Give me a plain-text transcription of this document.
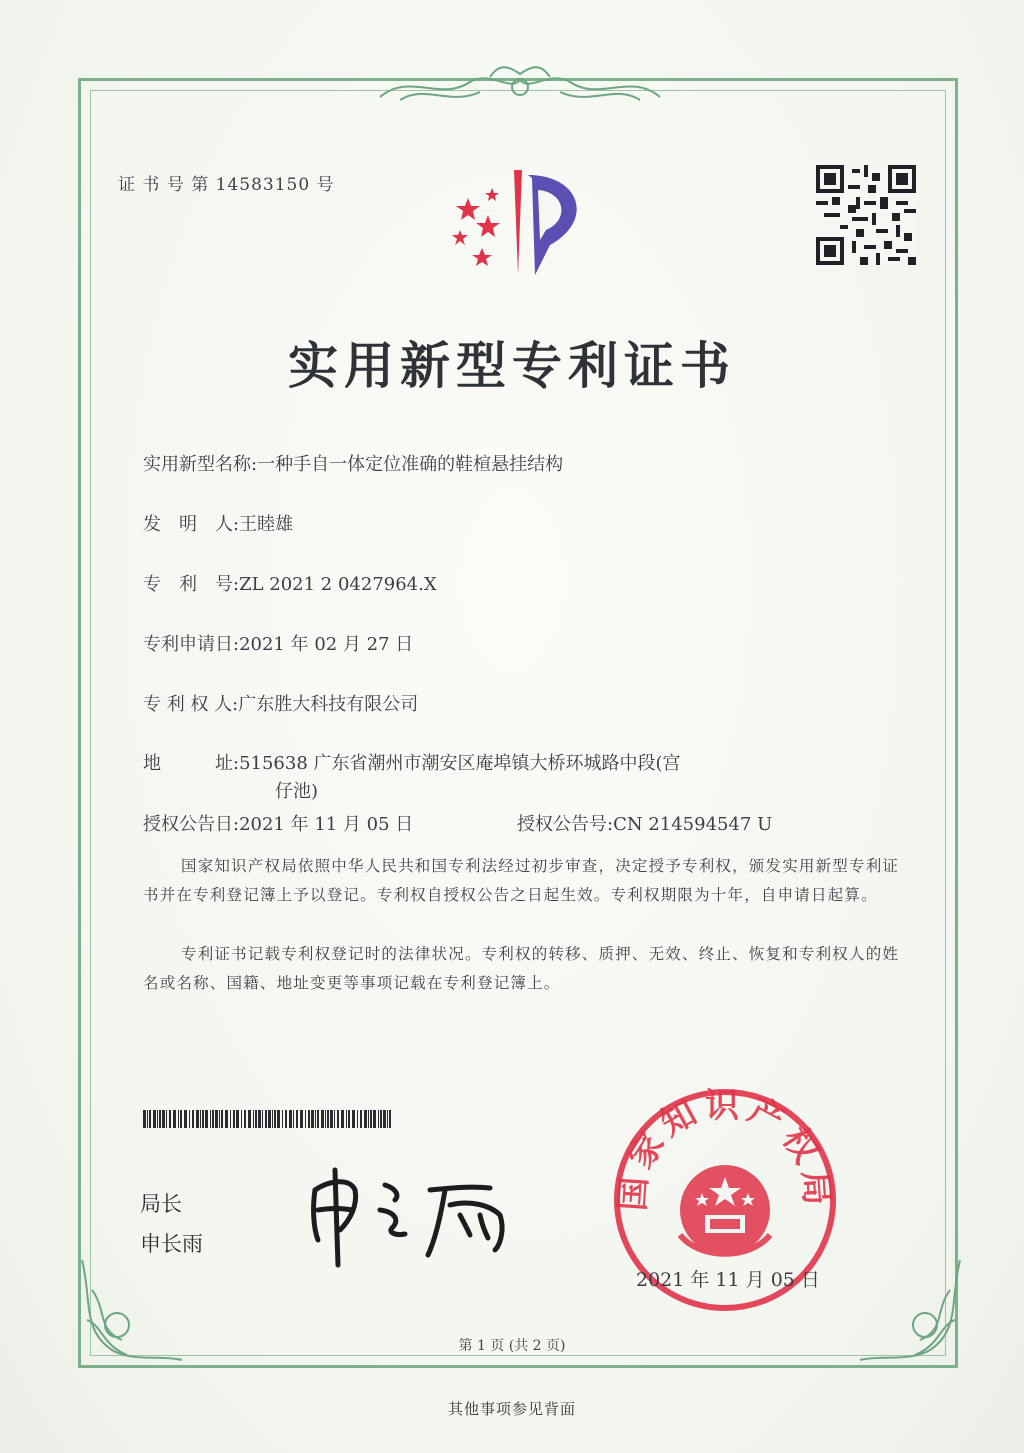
证 书 号 第 14583150 号
实用新型专利证书
实用新型名称:一种手自一体定位准确的鞋楦悬挂结构
发　明　人:王睦雄
专　利　号:ZL 2021 2 0427964.X
专利申请日:2021 年 02 月 27 日
专 利 权 人:广东胜大科技有限公司
地　　　址:515638 广东省潮州市潮安区庵埠镇大桥环城路中段(宫
仔池)
授权公告日:2021 年 11 月 05 日	授权公告号:CN 214594547 U
国家知识产权局依照中华人民共和国专利法经过初步审查，决定授予专利权，颁发实用新型专利证书并在专利登记簿上予以登记。专利权自授权公告之日起生效。专利权期限为十年，自申请日起算。
专利证书记载专利权登记时的法律状况。专利权的转移、质押、无效、终止、恢复和专利权人的姓名或名称、国籍、地址变更等事项记载在专利登记簿上。
局长
申长雨
国家知识产权局
2021 年 11 月 05 日
第 1 页 (共 2 页)
其他事项参见背面
